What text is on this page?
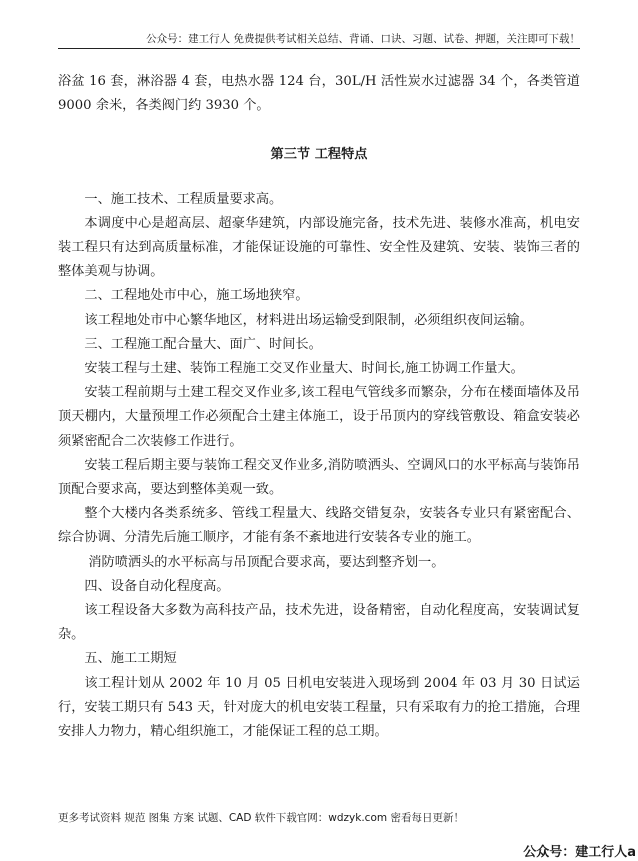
公众号：建工行人 免费提供考试相关总结、背诵、口诀、习题、试卷、押题，关注即可下载！

浴盆 16 套，淋浴器 4 套，电热水器 124 台，30L/H 活性炭水过滤器 34 个，各类管道 9000 余米，各类阀门约 3930 个。

第三节 工程特点

一、施工技术、工程质量要求高。

本调度中心是超高层、超豪华建筑，内部设施完备，技术先进、装修水准高，机电安装工程只有达到高质量标准，才能保证设施的可靠性、安全性及建筑、安装、装饰三者的整体美观与协调。

二、工程地处市中心，施工场地狭窄。

该工程地处市中心繁华地区，材料进出场运输受到限制，必须组织夜间运输。

三、工程施工配合量大、面广、时间长。

安装工程与土建、装饰工程施工交叉作业量大、时间长,施工协调工作量大。

安装工程前期与土建工程交叉作业多,该工程电气管线多而繁杂，分布在楼面墙体及吊顶天棚内，大量预埋工作必须配合土建主体施工，设于吊顶内的穿线管敷设、箱盒安装必须紧密配合二次装修工作进行。

安装工程后期主要与装饰工程交叉作业多,消防喷洒头、空调风口的水平标高与装饰吊顶配合要求高，要达到整体美观一致。

整个大楼内各类系统多、管线工程量大、线路交错复杂，安装各专业只有紧密配合、综合协调、分清先后施工顺序，才能有条不紊地进行安装各专业的施工。

消防喷洒头的水平标高与吊顶配合要求高，要达到整齐划一。

四、设备自动化程度高。

该工程设备大多数为高科技产品，技术先进，设备精密，自动化程度高，安装调试复杂。

五、施工工期短

该工程计划从 2002 年 10 月 05 日机电安装进入现场到 2004 年 03 月 30 日试运行，安装工期只有 543 天，针对庞大的机电安装工程量，只有采取有力的抢工措施，合理安排人力物力，精心组织施工，才能保证工程的总工期。

更多考试资料 规范 图集 方案 试题、CAD 软件下载官网：wdzyk.com 密看每日更新！
公众号：建工行人a
